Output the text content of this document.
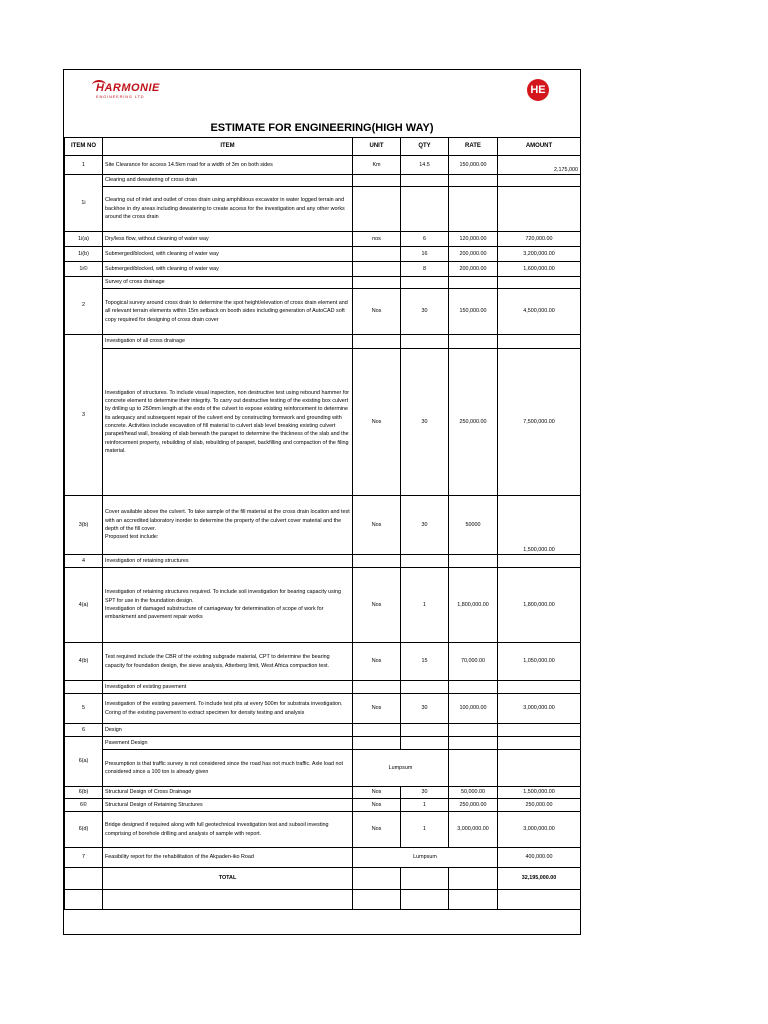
HARMONIE
ENGINEERING LTD
HE
ESTIMATE FOR ENGINEERING(HIGH WAY)
ITEM NO	ITEM	UNIT	QTY	RATE	AMOUNT
1	Site Clearance for access 14.5km road for a width of 3m on both sides	Km	14.5	150,000.00	2,175,000
1i	Clearing and dewatering of cross drain				
	Clearing out of inlet and outlet of cross drain using amphibious excavator in water logged terrain and backhoe in dry areas including dewatering to create access for the investigation and any other works around the cross drain				
1i(a)	Dry/less flow, without cleaning of water way	nos	6	120,000.00	720,000.00
1i(b)	Submerged/blocked, with cleaning of water way		16	200,000.00	3,200,000.00
1i©	Submerged/blocked, with cleaning of water way		8	200,000.00	1,600,000.00
2	Survey of cross drainage				
	Topogical survey around cross drain to determine the spot height/elevation of cross drain element and all relevant terrain elements within 15m setback on booth sides including generation of AutoCAD soft copy required for designing of cross drain cover	Nos	30	150,000.00	4,500,000.00
3	Investigation of all cross drainage				
	Investigation of structures. To include visual inspection, non destructive test using rebound hammer for concrete element to determine their integrity. To carry out destructive testing of the existing box culvert by drilling up to 250mm length at the ends of the culvert to expose existing reinforcement to determine its adequacy and subsequent repair of the culvert end by constructing formwork and grounding with concrete. Activities include excavation of fill material to culvert slab level breaking existing culvert parapet/head wall, breaking of slab beneath the parapet to determine the thickness of the slab and the reinforcement property, rebuilding of slab, rebuilding of parapet, backfilling and compaction of the filing material.	Nos	30	250,000.00	7,500,000.00
3(b)	Cover available above the culvert. To take sample of the fill material at the cross drain location and test with an accredited laboratory inorder to determine the property of the culvert cover material and the depth of the fill cover.
Proposed test include:	Nos	30	50000	1,500,000.00
4	Investigation of retaining structures				
4(a)	Investigation of retaining structures required. To include soil investigation for bearing capacity using SPT for use in the foundation design.
Investigation of damaged substructure of carriageway for determination of scope of work for embankment and pavement repair works	Nos	1	1,800,000.00	1,800,000.00
4(b)	Test required include the CBR of the existing subgrade material, CPT to determine the bearing capacity for foundation design, the sieve analysis, Atterberg limit, West Africa compaction test.	Nos	15	70,000.00	1,050,000.00
	Investigation of existing pavement				
5	Investigation of the existing pavement. To include test pits at every 500m for substrata investigation. Coring of the existing pavement to extract specimen for density testing and analysis	Nos	30	100,000.00	3,000,000.00
6	Design				
6(a)	Pavement Design				
	Presumption is that traffic survey is not considered since the road has not much traffic. Axle load not considered since a 100 ton is already given	Lumpsum			
6(b)	Structural Design of Cross Drainage	Nos	30	50,000.00	1,500,000.00
6©	Structural Design of Retaining Structures	Nos	1	250,000.00	250,000.00
6(d)	Bridge designed if required along with full geotechnical investigation test and subsoil investing comprising of borehole drilling and analysis of sample with report.	Nos	1	3,000,000.00	3,000,000.00
7	Feasibility report for the rehabilitation of the Akpaden-iko Road	Lumpsum			400,000.00
	TOTAL				32,195,000.00
